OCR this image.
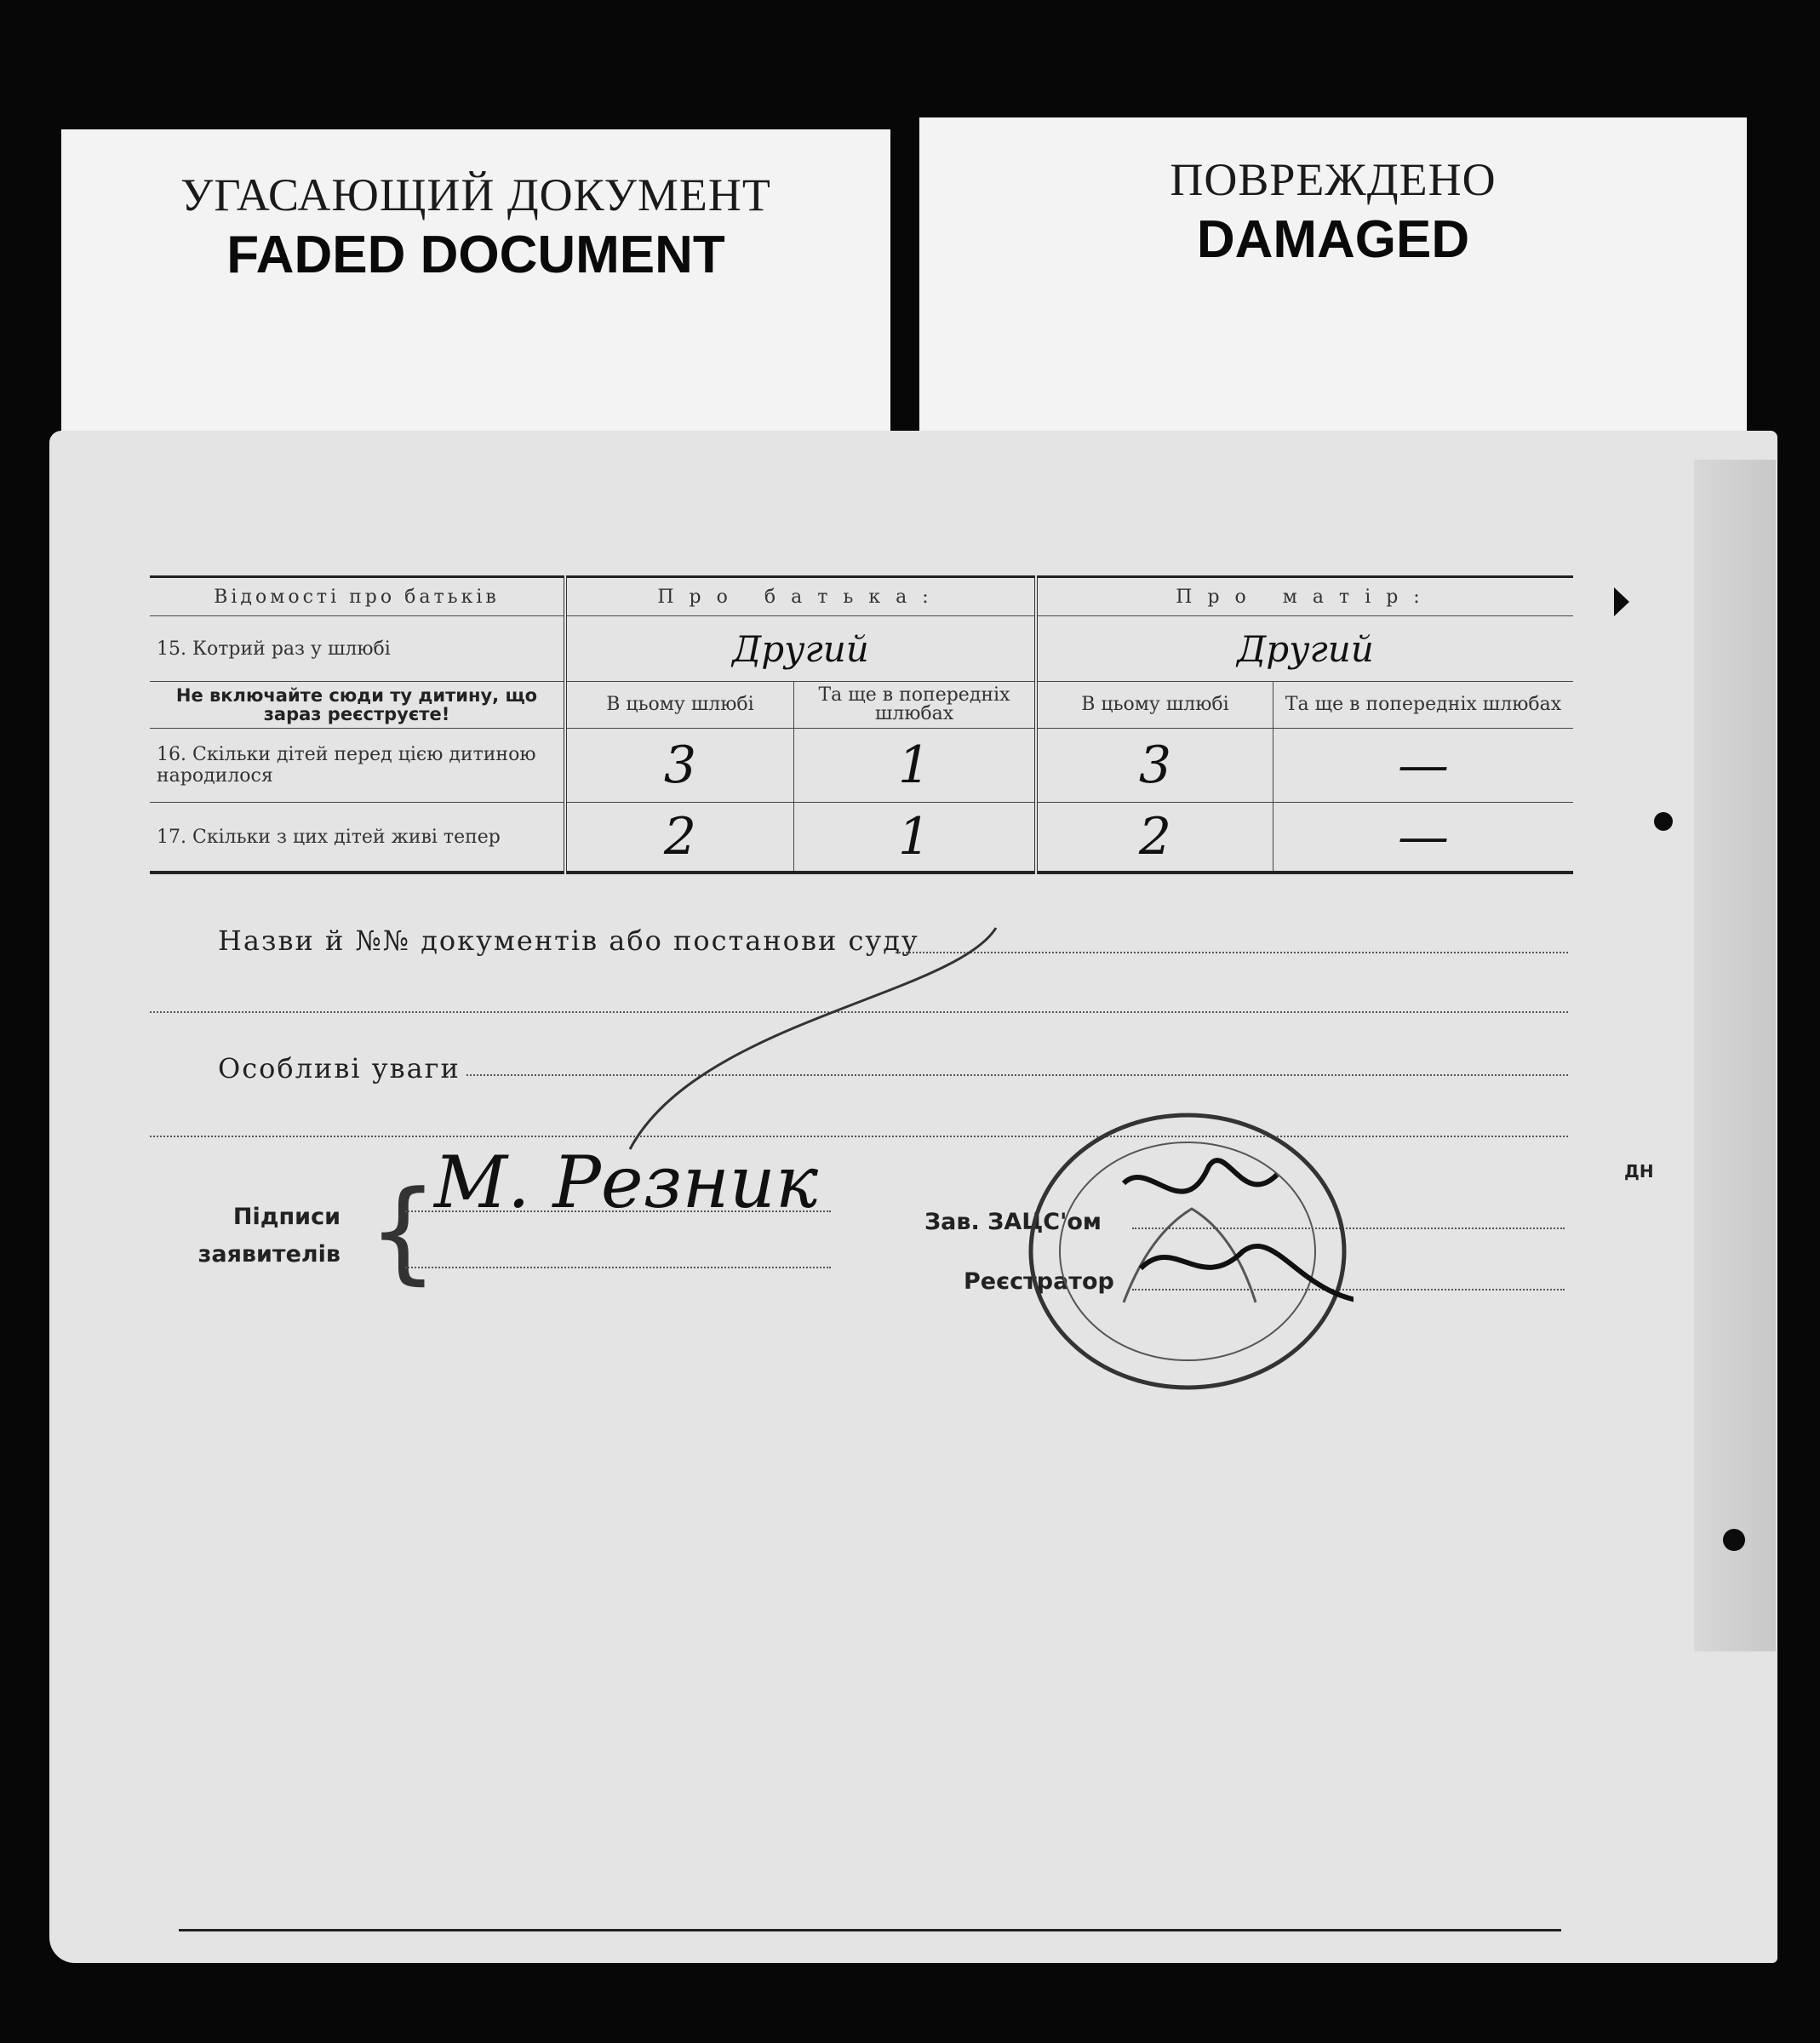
УГАСАЮЩИЙ ДОКУМЕНТ
FADED DOCUMENT
ПОВРЕЖДЕНО
DAMAGED
Відомості про батьків	Про батька:		Про матір:	
15. Котрий раз у шлюбі	Другий		Другий	
Не включайте сюди ту дитину, що зараз реєструєте!	В цьому шлюбі	Та ще в попередніх шлюбах	В цьому шлюбі	Та ще в попередніх шлюбах
16. Скільки дітей перед цією дитиною народилося	3	1	3	—
17. Скільки з цих дітей живі тепер	2	1	2	—
Назви й №№ документів або постанови суду
Особливі уваги
Підписи заявителів {
М. Резник	Зав. ЗАЦС'ом
Реєстратор
ДН
